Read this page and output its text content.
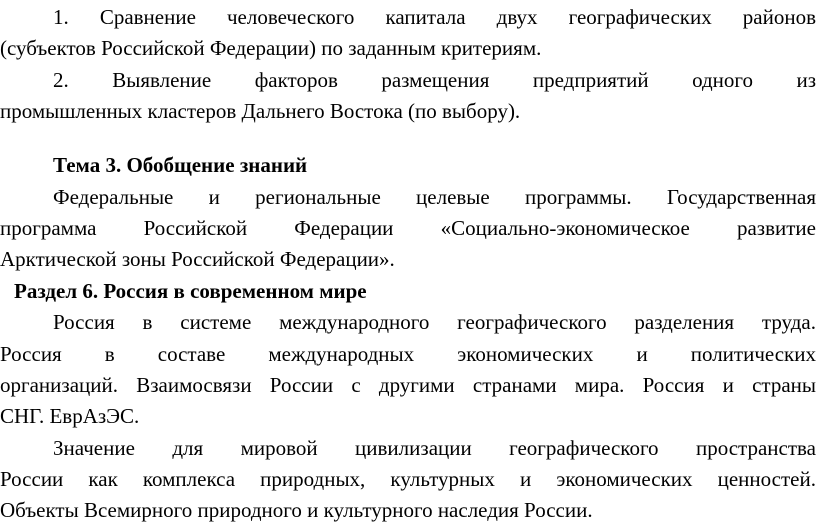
1. Сравнение человеческого капитала двух географических районов
(субъектов Российской Федерации) по заданным критериям.
2. Выявление факторов размещения предприятий одного из
промышленных кластеров Дальнего Востока (по выбору).
Тема 3. Обобщение знаний
Федеральные и региональные целевые программы. Государственная
программа Российской Федерации «Социально-экономическое развитие
Арктической зоны Российской Федерации».
Раздел 6. Россия в современном мире
Россия в системе международного географического разделения труда.
Россия в составе международных экономических и политических
организаций. Взаимосвязи России с другими странами мира. Россия и страны
СНГ. ЕврАзЭС.
Значение для мировой цивилизации географического пространства
России как комплекса природных, культурных и экономических ценностей.
Объекты Всемирного природного и культурного наследия России.
